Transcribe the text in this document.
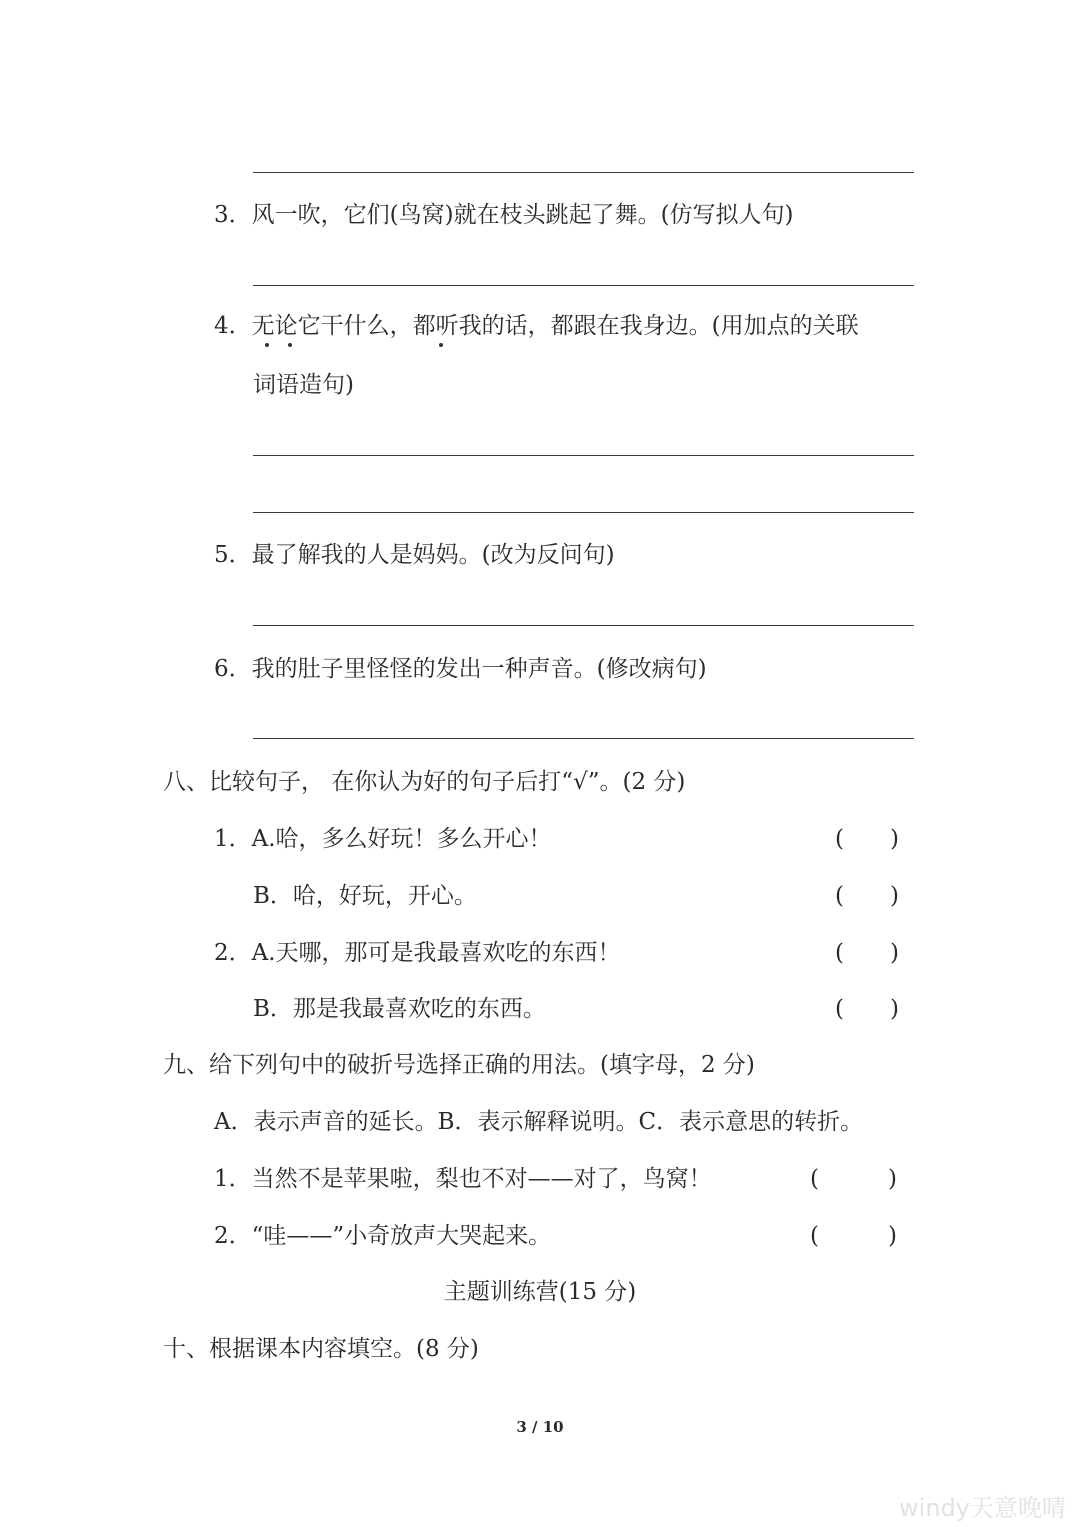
3．风一吹，它们(鸟窝)就在枝头跳起了舞。(仿写拟人句)
4．无论它干什么，都听我的话，都跟在我身边。(用加点的关联
词语造句)
5．最了解我的人是妈妈。(改为反问句)
6．我的肚子里怪怪的发出一种声音。(修改病句)
八、比较句子， 在你认为好的句子后打“√”。(2 分)
1．A.哈，多么好玩！多么开心！	(　　)
B．哈，好玩，开心。	(　　)
2．A.天哪，那可是我最喜欢吃的东西！	(　　)
B．那是我最喜欢吃的东西。	(　　)
九、给下列句中的破折号选择正确的用法。(填字母，2 分)
A．表示声音的延长。B．表示解释说明。C．表示意思的转折。
1．当然不是苹果啦，梨也不对——对了，鸟窝！	(　　　)
2．“哇——”小奇放声大哭起来。	(　　　)
主题训练营(15 分)
十、根据课本内容填空。(8 分)
3 / 10
windy天意晚晴
